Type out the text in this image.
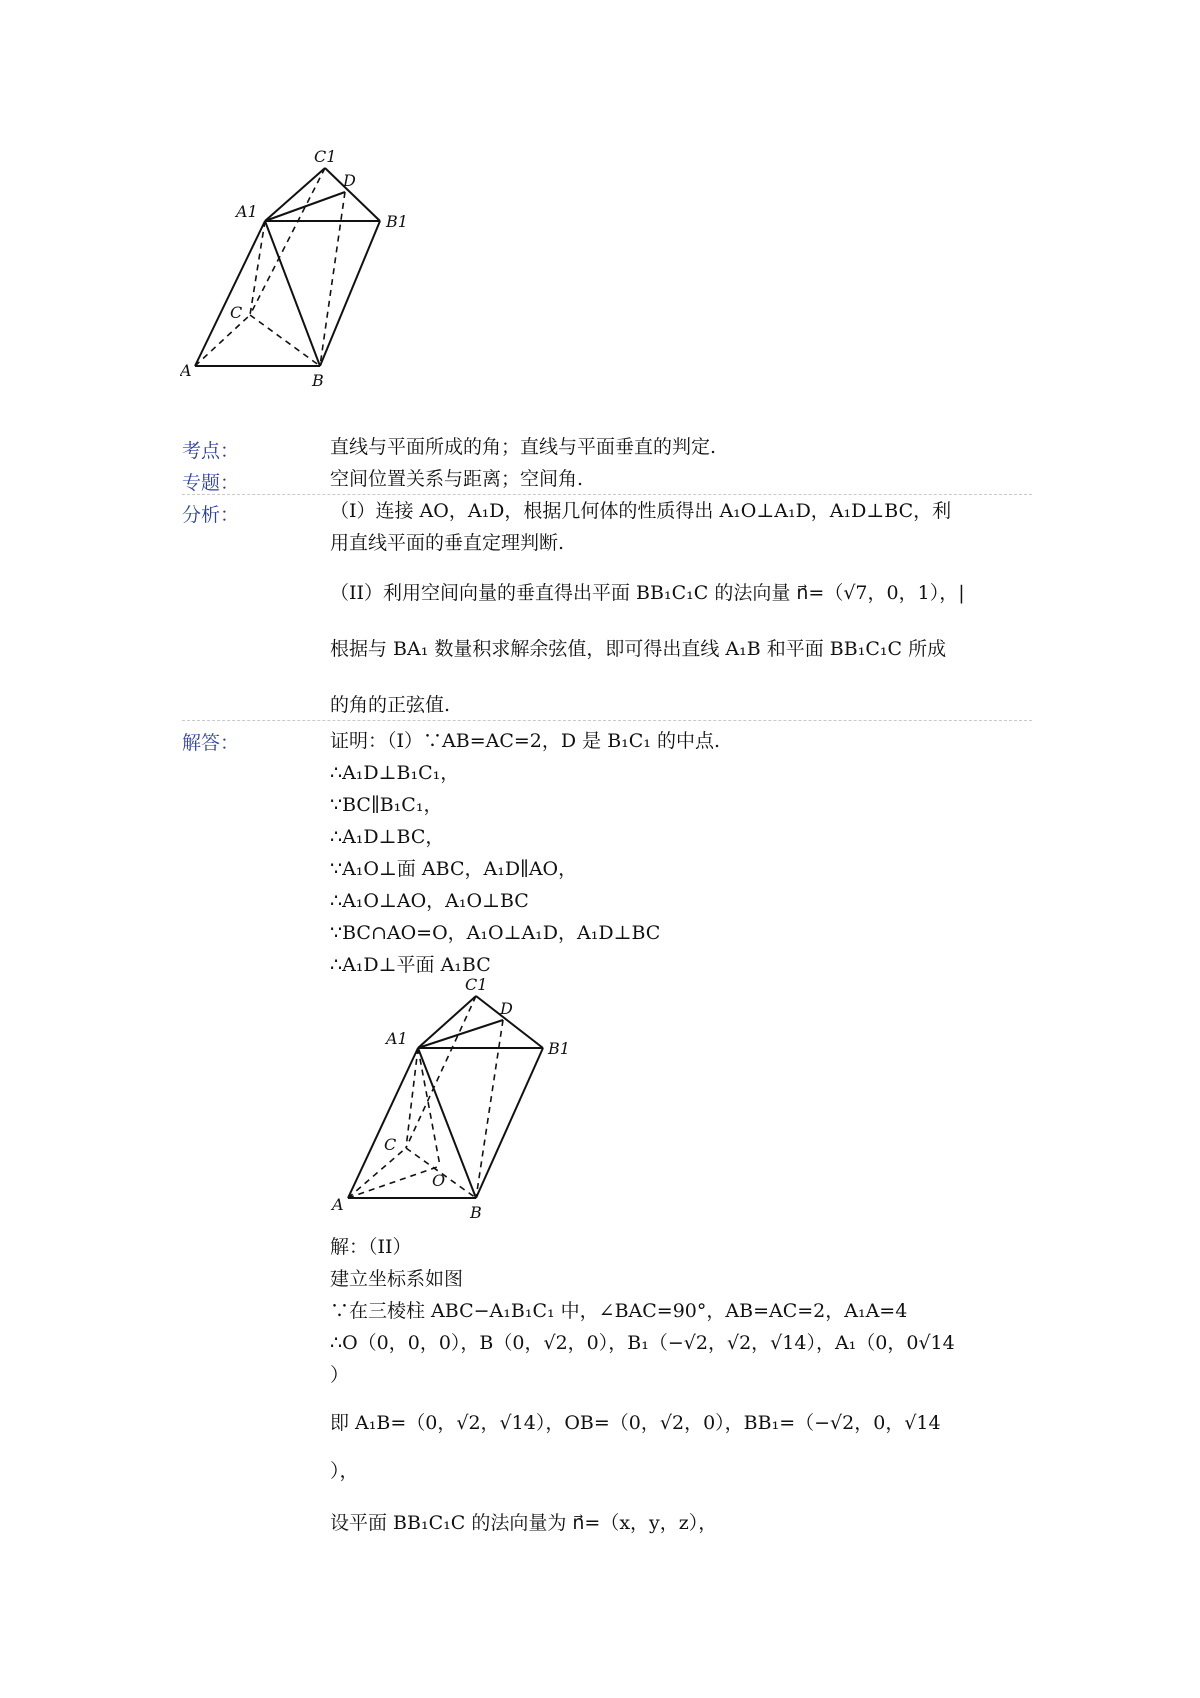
C1
D
A1
B1
C
A
B
考点：	直线与平面所成的角；直线与平面垂直的判定.
专题：	空间位置关系与距离；空间角.
分析：	（I）连接 AO，A₁D，根据几何体的性质得出 A₁O⊥A₁D，A₁D⊥BC，利
用直线平面的垂直定理判断.
（II）利用空间向量的垂直得出平面 BB₁C₁C 的法向量 n⃗=（√7，0，1），|
根据与 BA₁ 数量积求解余弦值，即可得出直线 A₁B 和平面 BB₁C₁C 所成
的角的正弦值.
解答：	证明：（I）∵AB=AC=2，D 是 B₁C₁ 的中点.
∴A₁D⊥B₁C₁，
∵BC∥B₁C₁，
∴A₁D⊥BC，
∵A₁O⊥面 ABC，A₁D∥AO，
∴A₁O⊥AO，A₁O⊥BC
∵BC∩AO=O，A₁O⊥A₁D，A₁D⊥BC
∴A₁D⊥平面 A₁BC
C1
D
A1
B1
C
O
A	B
解：（II）
建立坐标系如图
∵在三棱柱 ABC−A₁B₁C₁ 中，∠BAC=90°，AB=AC=2，A₁A=4
∴O（0，0，0），B（0，√2，0），B₁（−√2，√2，√14），A₁（0，0√14
）
即 A₁B=（0，√2，√14），OB=（0，√2，0），BB₁=（−√2，0，√14
），
设平面 BB₁C₁C 的法向量为 n⃗=（x，y，z），
